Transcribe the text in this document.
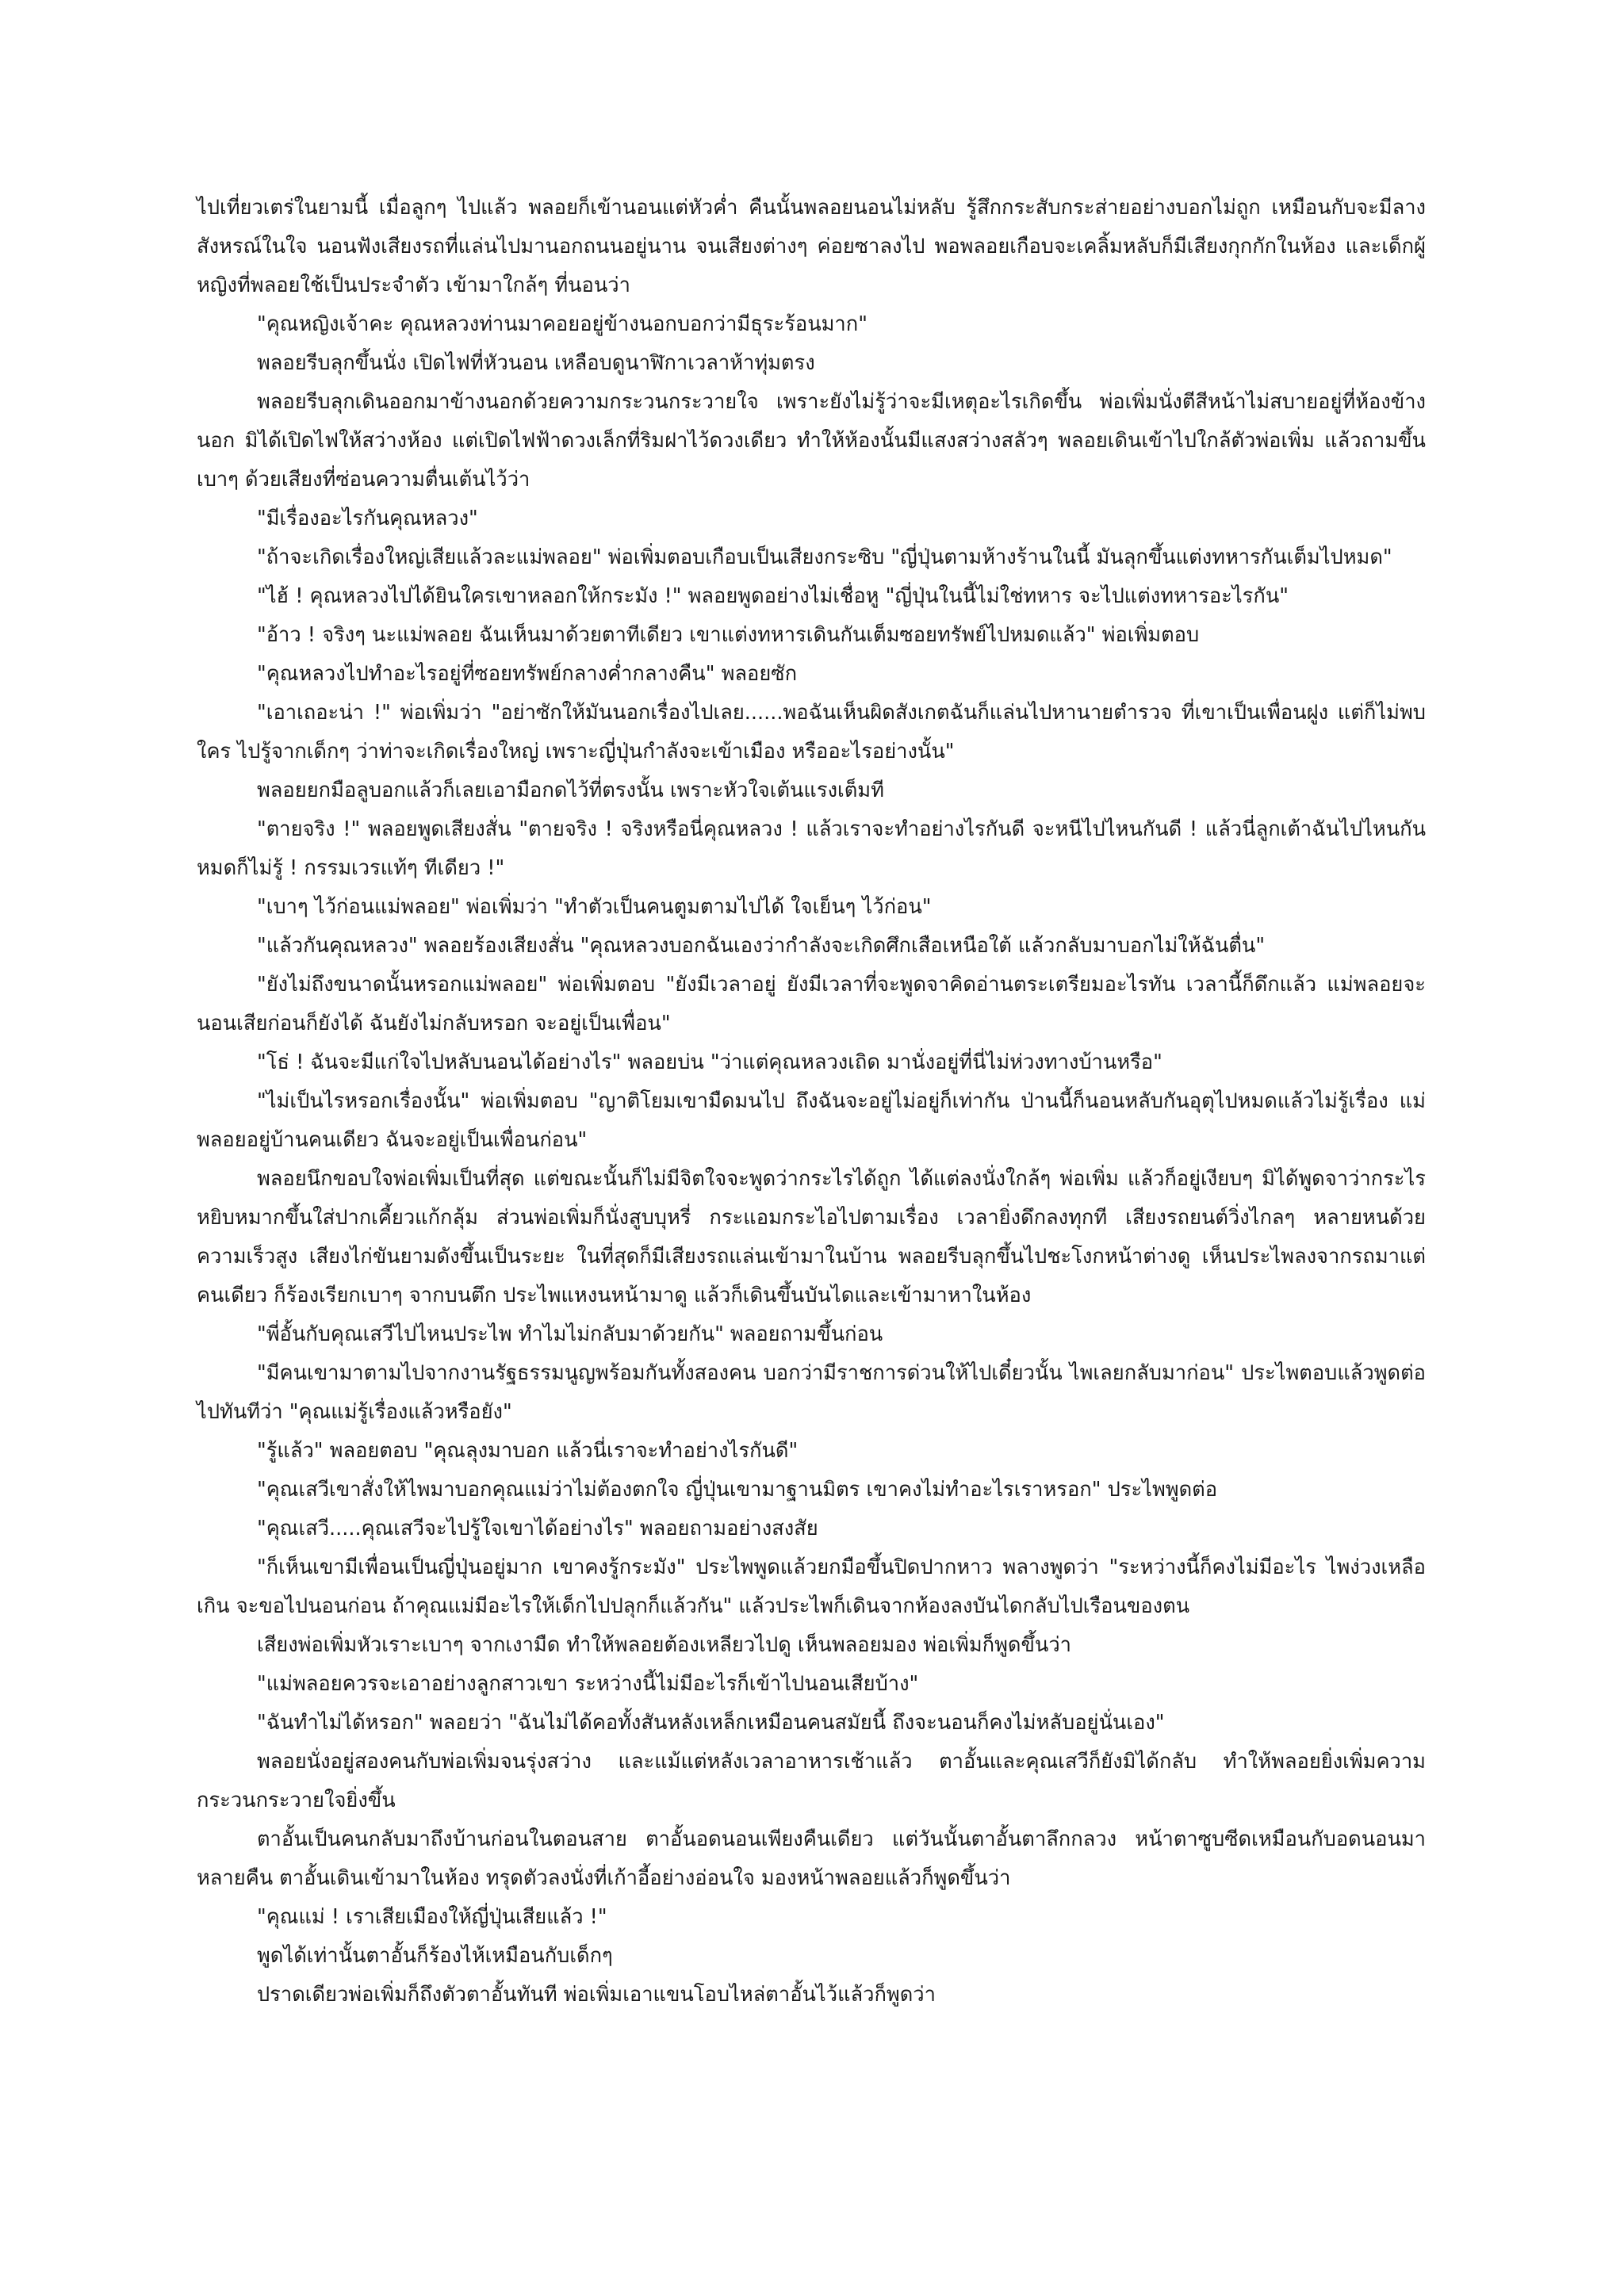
ไปเที่ยวเตร่ในยามนี้ เมื่อลูกๆ ไปแล้ว พลอยก็เข้านอนแต่หัวค่ำ คืนนั้นพลอยนอนไม่หลับ รู้สึกกระสับกระส่ายอย่างบอกไม่ถูก เหมือนกับจะมีลางสังหรณ์ในใจ นอนฟังเสียงรถที่แล่นไปมานอกถนนอยู่นาน จนเสียงต่างๆ ค่อยซาลงไป พอพลอยเกือบจะเคลิ้มหลับก็มีเสียงกุกกักในห้อง และเด็กผู้หญิงที่พลอยใช้เป็นประจำตัว เข้ามาใกล้ๆ ที่นอนว่า

"คุณหญิงเจ้าคะ คุณหลวงท่านมาคอยอยู่ข้างนอกบอกว่ามีธุระร้อนมาก"

พลอยรีบลุกขึ้นนั่ง เปิดไฟที่หัวนอน เหลือบดูนาฬิกาเวลาห้าทุ่มตรง

พลอยรีบลุกเดินออกมาข้างนอกด้วยความกระวนกระวายใจ เพราะยังไม่รู้ว่าจะมีเหตุอะไรเกิดขึ้น พ่อเพิ่มนั่งตีสีหน้าไม่สบายอยู่ที่ห้องข้างนอก มิได้เปิดไฟให้สว่างห้อง แต่เปิดไฟฟ้าดวงเล็กที่ริมฝาไว้ดวงเดียว ทำให้ห้องนั้นมีแสงสว่างสลัวๆ พลอยเดินเข้าไปใกล้ตัวพ่อเพิ่ม แล้วถามขึ้นเบาๆ ด้วยเสียงที่ซ่อนความตื่นเต้นไว้ว่า

"มีเรื่องอะไรกันคุณหลวง"

"ถ้าจะเกิดเรื่องใหญ่เสียแล้วละแม่พลอย" พ่อเพิ่มตอบเกือบเป็นเสียงกระซิบ "ญี่ปุ่นตามห้างร้านในนี้ มันลุกขึ้นแต่งทหารกันเต็มไปหมด"

"ไฮ้ ! คุณหลวงไปได้ยินใครเขาหลอกให้กระมัง !" พลอยพูดอย่างไม่เชื่อหู "ญี่ปุ่นในนี้ไม่ใช่ทหาร จะไปแต่งทหารอะไรกัน"

"อ้าว ! จริงๆ นะแม่พลอย ฉันเห็นมาด้วยตาทีเดียว เขาแต่งทหารเดินกันเต็มซอยทรัพย์ไปหมดแล้ว" พ่อเพิ่มตอบ

"คุณหลวงไปทำอะไรอยู่ที่ซอยทรัพย์กลางค่ำกลางคืน" พลอยซัก

"เอาเถอะน่า !" พ่อเพิ่มว่า "อย่าซักให้มันนอกเรื่องไปเลย......พอฉันเห็นผิดสังเกตฉันก็แล่นไปหานายตำรวจ ที่เขาเป็นเพื่อนฝูง แต่ก็ไม่พบใคร ไปรู้จากเด็กๆ ว่าท่าจะเกิดเรื่องใหญ่ เพราะญี่ปุ่นกำลังจะเข้าเมือง หรืออะไรอย่างนั้น"

พลอยยกมือลูบอกแล้วก็เลยเอามือกดไว้ที่ตรงนั้น เพราะหัวใจเต้นแรงเต็มที

"ตายจริง !" พลอยพูดเสียงสั่น "ตายจริง ! จริงหรือนี่คุณหลวง ! แล้วเราจะทำอย่างไรกันดี จะหนีไปไหนกันดี ! แล้วนี่ลูกเต้าฉันไปไหนกันหมดก็ไม่รู้ ! กรรมเวรแท้ๆ ทีเดียว !"

"เบาๆ ไว้ก่อนแม่พลอย" พ่อเพิ่มว่า "ทำตัวเป็นคนตูมตามไปได้ ใจเย็นๆ ไว้ก่อน"

"แล้วกันคุณหลวง" พลอยร้องเสียงสั่น "คุณหลวงบอกฉันเองว่ากำลังจะเกิดศึกเสือเหนือใต้ แล้วกลับมาบอกไม่ให้ฉันตื่น"

"ยังไม่ถึงขนาดนั้นหรอกแม่พลอย" พ่อเพิ่มตอบ "ยังมีเวลาอยู่ ยังมีเวลาที่จะพูดจาคิดอ่านตระเตรียมอะไรทัน เวลานี้ก็ดึกแล้ว แม่พลอยจะนอนเสียก่อนก็ยังได้ ฉันยังไม่กลับหรอก จะอยู่เป็นเพื่อน"

"โธ่ ! ฉันจะมีแก่ใจไปหลับนอนได้อย่างไร" พลอยบ่น "ว่าแต่คุณหลวงเถิด มานั่งอยู่ที่นี่ไม่ห่วงทางบ้านหรือ"

"ไม่เป็นไรหรอกเรื่องนั้น" พ่อเพิ่มตอบ "ญาติโยมเขามืดมนไป ถึงฉันจะอยู่ไม่อยู่ก็เท่ากัน ป่านนี้ก็นอนหลับกันอุตุไปหมดแล้วไม่รู้เรื่อง แม่พลอยอยู่บ้านคนเดียว ฉันจะอยู่เป็นเพื่อนก่อน"

พลอยนึกขอบใจพ่อเพิ่มเป็นที่สุด แต่ขณะนั้นก็ไม่มีจิตใจจะพูดว่ากระไรได้ถูก ได้แต่ลงนั่งใกล้ๆ พ่อเพิ่ม แล้วก็อยู่เงียบๆ มิได้พูดจาว่ากระไร หยิบหมากขึ้นใส่ปากเคี้ยวแก้กลุ้ม ส่วนพ่อเพิ่มก็นั่งสูบบุหรี่ กระแอมกระไอไปตามเรื่อง เวลายิ่งดึกลงทุกที เสียงรถยนต์วิ่งไกลๆ หลายหนด้วยความเร็วสูง เสียงไก่ขันยามดังขึ้นเป็นระยะ ในที่สุดก็มีเสียงรถแล่นเข้ามาในบ้าน พลอยรีบลุกขึ้นไปชะโงกหน้าต่างดู เห็นประไพลงจากรถมาแต่คนเดียว ก็ร้องเรียกเบาๆ จากบนตึก ประไพแหงนหน้ามาดู แล้วก็เดินขึ้นบันไดและเข้ามาหาในห้อง

"พี่อั้นกับคุณเสวีไปไหนประไพ ทำไมไม่กลับมาด้วยกัน" พลอยถามขึ้นก่อน

"มีคนเขามาตามไปจากงานรัฐธรรมนูญพร้อมกันทั้งสองคน บอกว่ามีราชการด่วนให้ไปเดี๋ยวนั้น ไพเลยกลับมาก่อน" ประไพตอบแล้วพูดต่อไปทันทีว่า "คุณแม่รู้เรื่องแล้วหรือยัง"

"รู้แล้ว" พลอยตอบ "คุณลุงมาบอก แล้วนี่เราจะทำอย่างไรกันดี"

"คุณเสวีเขาสั่งให้ไพมาบอกคุณแม่ว่าไม่ต้องตกใจ ญี่ปุ่นเขามาฐานมิตร เขาคงไม่ทำอะไรเราหรอก" ประไพพูดต่อ

"คุณเสวี.....คุณเสวีจะไปรู้ใจเขาได้อย่างไร" พลอยถามอย่างสงสัย

"ก็เห็นเขามีเพื่อนเป็นญี่ปุ่นอยู่มาก เขาคงรู้กระมัง" ประไพพูดแล้วยกมือขึ้นปิดปากหาว พลางพูดว่า "ระหว่างนี้ก็คงไม่มีอะไร ไพง่วงเหลือเกิน จะขอไปนอนก่อน ถ้าคุณแม่มีอะไรให้เด็กไปปลุกก็แล้วกัน" แล้วประไพก็เดินจากห้องลงบันไดกลับไปเรือนของตน

เสียงพ่อเพิ่มหัวเราะเบาๆ จากเงามืด ทำให้พลอยต้องเหลียวไปดู เห็นพลอยมอง พ่อเพิ่มก็พูดขึ้นว่า

"แม่พลอยควรจะเอาอย่างลูกสาวเขา ระหว่างนี้ไม่มีอะไรก็เข้าไปนอนเสียบ้าง"

"ฉันทำไม่ได้หรอก" พลอยว่า "ฉันไม่ได้คอทั้งสันหลังเหล็กเหมือนคนสมัยนี้ ถึงจะนอนก็คงไม่หลับอยู่นั่นเอง"

พลอยนั่งอยู่สองคนกับพ่อเพิ่มจนรุ่งสว่าง และแม้แต่หลังเวลาอาหารเช้าแล้ว ตาอั้นและคุณเสวีก็ยังมิได้กลับ ทำให้พลอยยิ่งเพิ่มความกระวนกระวายใจยิ่งขึ้น

ตาอั้นเป็นคนกลับมาถึงบ้านก่อนในตอนสาย ตาอั้นอดนอนเพียงคืนเดียว แต่วันนั้นตาอั้นตาลึกกลวง หน้าตาซูบซีดเหมือนกับอดนอนมาหลายคืน ตาอั้นเดินเข้ามาในห้อง ทรุดตัวลงนั่งที่เก้าอี้อย่างอ่อนใจ มองหน้าพลอยแล้วก็พูดขึ้นว่า

"คุณแม่ ! เราเสียเมืองให้ญี่ปุ่นเสียแล้ว !"

พูดได้เท่านั้นตาอั้นก็ร้องไห้เหมือนกับเด็กๆ

ปราดเดียวพ่อเพิ่มก็ถึงตัวตาอั้นทันที พ่อเพิ่มเอาแขนโอบไหล่ตาอั้นไว้แล้วก็พูดว่า
